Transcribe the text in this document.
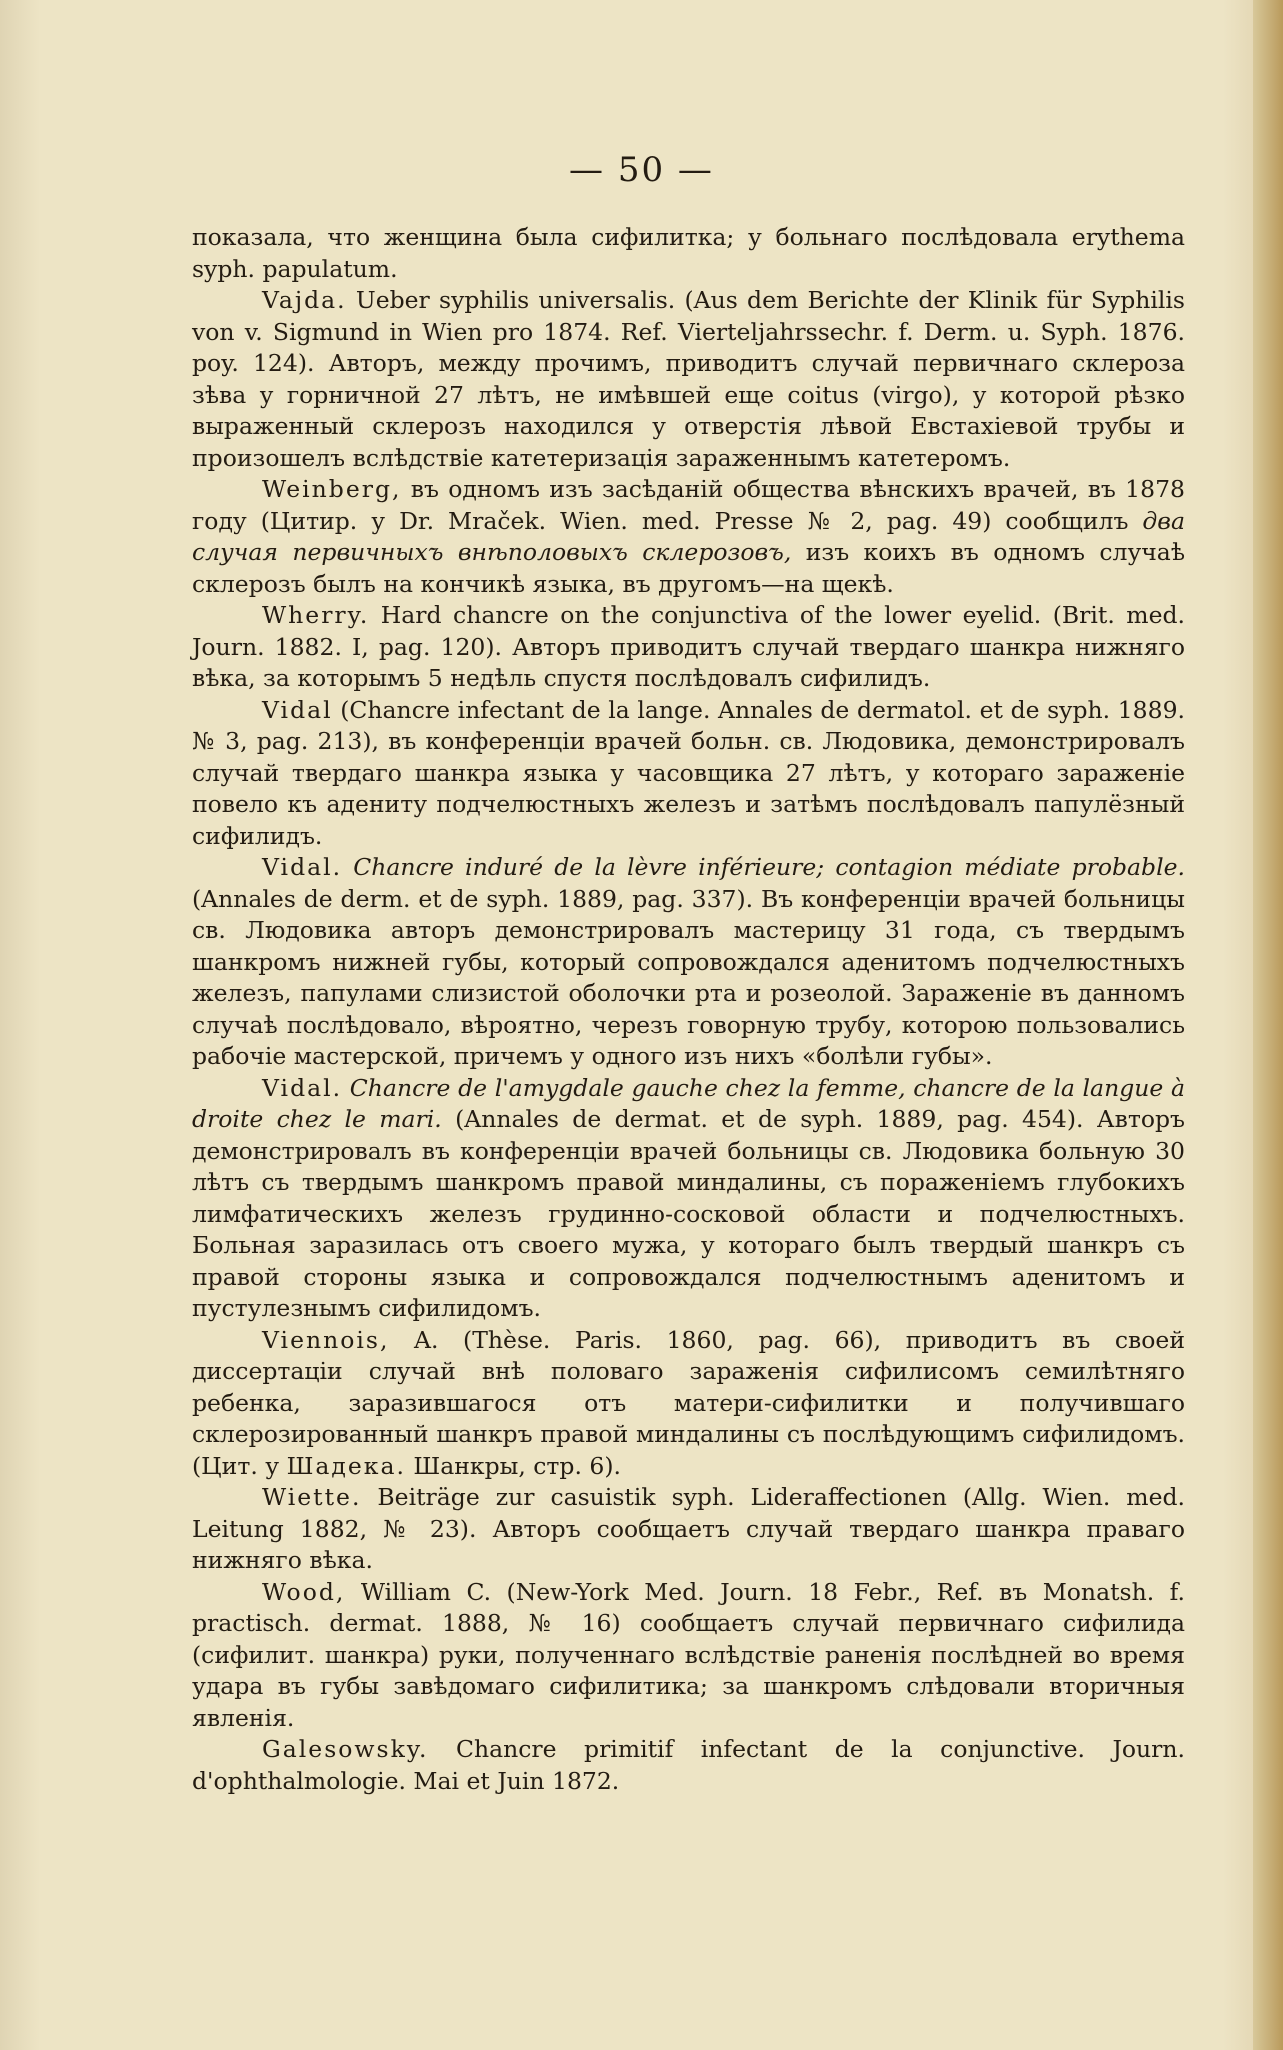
— 50 —

показала, что женщина была сифилитка; у больнаго послѣдовала erythema syph. papulatum.

Vajda. Ueber syphilis universalis. (Aus dem Berichte der Klinik für Syphilis von v. Sigmund in Wien pro 1874. Ref. Vierteljahrssechr. f. Derm. u. Syph. 1876. poy. 124). Авторъ, между прочимъ, приводитъ случай первичнаго склероза зѣва у горничной 27 лѣтъ, не имѣвшей еще coitus (virgo), у которой рѣзко выраженный склерозъ находился у отверстія лѣвой Евстахіевой трубы и произошелъ вслѣдствіе катетеризація зараженнымъ катетеромъ.

Weinberg, въ одномъ изъ засѣданій общества вѣнскихъ врачей, въ 1878 году (Цитир. у Dr. Mraček. Wien. med. Presse № 2, pag. 49) сообщилъ два случая первичныхъ внѣполовыхъ склерозовъ, изъ коихъ въ одномъ случаѣ склерозъ былъ на кончикѣ языка, въ другомъ—на щекѣ.

Wherry. Hard chancre on the conjunctiva of the lower eyelid. (Brit. med. Journ. 1882. I, pag. 120). Авторъ приводитъ случай твердаго шанкра нижняго вѣка, за которымъ 5 недѣль спустя послѣдовалъ сифилидъ.

Vidal (Chancre infectant de la lange. Annales de dermatol. et de syph. 1889. № 3, pag. 213), въ конференціи врачей больн. св. Людовика, демонстрировалъ случай твердаго шанкра языка у часовщика 27 лѣтъ, у котораго зараженіе повело къ адениту подчелюстныхъ железъ и затѣмъ послѣдовалъ папулёзный сифилидъ.

Vidal. Chancre induré de la lèvre inférieure; contagion médiate probable. (Annales de derm. et de syph. 1889, pag. 337). Въ конференціи врачей больницы св. Людовика авторъ демонстрировалъ мастерицу 31 года, съ твердымъ шанкромъ нижней губы, который сопровождался аденитомъ подчелюстныхъ железъ, папулами слизистой оболочки рта и розеолой. Зараженіе въ данномъ случаѣ послѣдовало, вѣроятно, черезъ говорную трубу, которою пользовались рабочіе мастерской, причемъ у одного изъ нихъ «болѣли губы».

Vidal. Chancre de l'amygdale gauche chez la femme, chancre de la langue à droite chez le mari. (Annales de dermat. et de syph. 1889, pag. 454). Авторъ демонстрировалъ въ конференціи врачей больницы св. Людовика больную 30 лѣтъ съ твердымъ шанкромъ правой миндалины, съ пораженіемъ глубокихъ лимфатическихъ железъ грудинно-сосковой области и подчелюстныхъ. Больная заразилась отъ своего мужа, у котораго былъ твердый шанкръ съ правой стороны языка и сопровождался подчелюстнымъ аденитомъ и пустулезнымъ сифилидомъ.

Viennois, A. (Thèse. Paris. 1860, pag. 66), приводитъ въ своей диссертаціи случай внѣ половаго зараженія сифилисомъ семилѣтняго ребенка, заразившагося отъ матери-сифилитки и получившаго склерозированный шанкръ правой миндалины съ послѣдующимъ сифилидомъ. (Цит. у Шадека. Шанкры, стр. 6).

Wiette. Beiträge zur casuistik syph. Lideraffectionen (Allg. Wien. med. Leitung 1882, № 23). Авторъ сообщаетъ случай твердаго шанкра праваго нижняго вѣка.

Wood, William C. (New-York Med. Journ. 18 Febr., Ref. въ Monatsh. f. practisch. dermat. 1888, № 16) сообщаетъ случай первичнаго сифилида (сифилит. шанкра) руки, полученнаго вслѣдствіе раненія послѣдней во время удара въ губы завѣдомаго сифилитика; за шанкромъ слѣдовали вторичныя явленія.

Galesowsky. Chancre primitif infectant de la conjunctive. Journ. d'ophthalmologie. Mai et Juin 1872.
